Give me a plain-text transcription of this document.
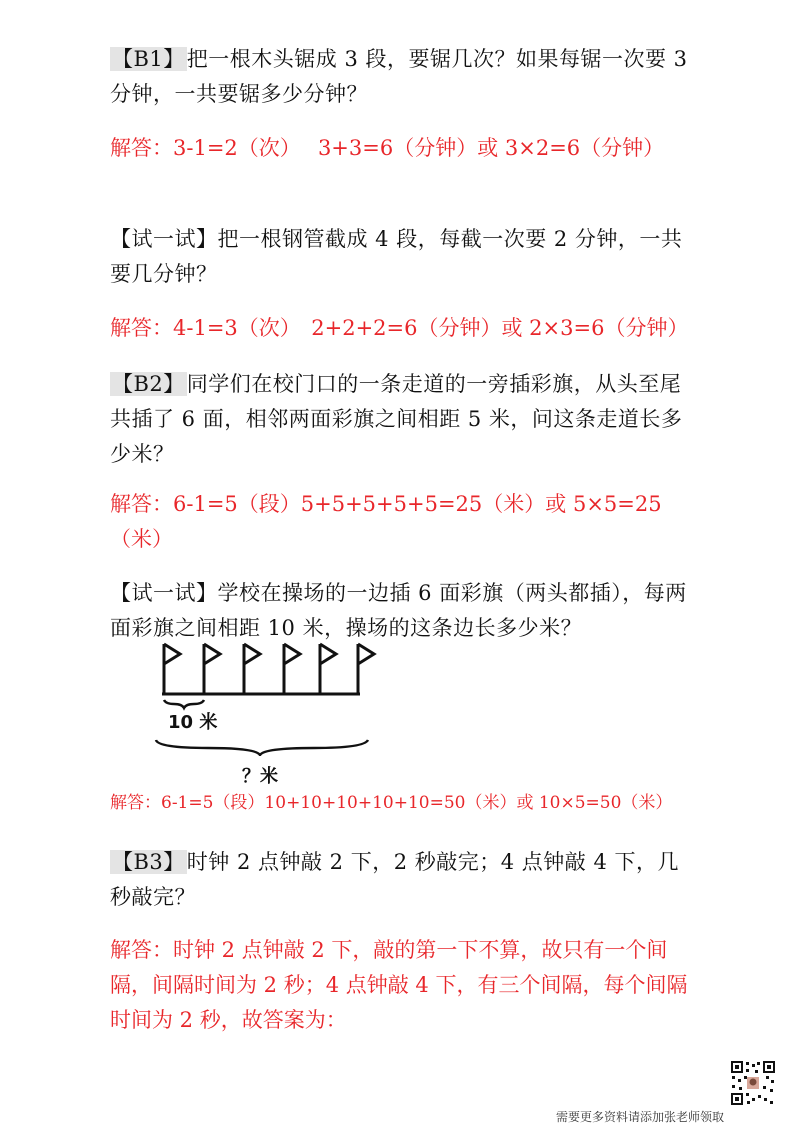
【B1】把一根木头锯成 3 段，要锯几次？如果每锯一次要 3 分钟，一共要锯多少分钟？
解答：3-1=2（次）　 3+3=6（分钟）或 3×2=6（分钟）
【试一试】把一根钢管截成 4 段，每截一次要 2 分钟，一共要几分钟？
解答：4-1=3（次）　2+2+2=6（分钟）或 2×3=6（分钟）
【B2】同学们在校门口的一条走道的一旁插彩旗，从头至尾共插了 6 面，相邻两面彩旗之间相距 5 米，问这条走道长多少米？
解答：6-1=5（段）5+5+5+5+5=25（米）或 5×5=25（米）
【试一试】学校在操场的一边插 6 面彩旗（两头都插），每两面彩旗之间相距 10 米，操场的这条边长多少米？
10 米
？米
解答：6-1=5（段）10+10+10+10+10=50（米）或 10×5=50（米）
【B3】时钟 2 点钟敲 2 下，2 秒敲完；4 点钟敲 4 下，几秒敲完？
解答：时钟 2 点钟敲 2 下，敲的第一下不算，故只有一个间隔，间隔时间为 2 秒；4 点钟敲 4 下，有三个间隔，每个间隔时间为 2 秒，故答案为：
需要更多资料请添加张老师领取
